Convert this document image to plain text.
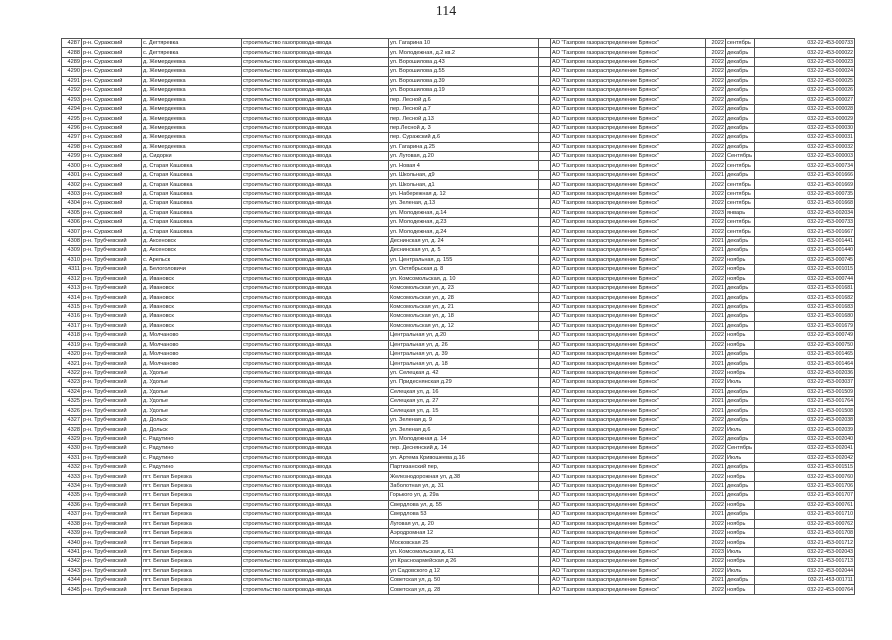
114
4287	р-н. Суражский	с. Дегтяревка	строительство газопровода-ввода	ул. Гагарина 10		АО "Газпром газораспределение Брянск"	2022	сентябрь	032-22-453-000733
4288	р-н. Суражский	с. Дегтяревка	строительство газопровода-ввода	ул. Молодежная, д.2 кв.2		АО "Газпром газораспределение Брянск"	2022	декабрь	032-22-453-000022
4289	р-н. Суражский	д. Жемердеевка	строительство газопровода-ввода	ул. Ворошилова д.43		АО "Газпром газораспределение Брянск"	2022	декабрь	032-22-453-000023
4290	р-н. Суражский	д. Жемердеевка	строительство газопровода-ввода	ул. Ворошилова д.55		АО "Газпром газораспределение Брянск"	2022	декабрь	032-22-453-000024
4291	р-н. Суражский	д. Жемердеевка	строительство газопровода-ввода	ул. Ворошилова д.39		АО "Газпром газораспределение Брянск"	2022	декабрь	032-22-453-000025
4292	р-н. Суражский	д. Жемердеевка	строительство газопровода-ввода	ул. Ворошилова д.19		АО "Газпром газораспределение Брянск"	2022	декабрь	032-22-453-000026
4293	р-н. Суражский	д. Жемердеевка	строительство газопровода-ввода	пер. Лесной д.6		АО "Газпром газораспределение Брянск"	2022	декабрь	032-22-453-000027
4294	р-н. Суражский	д. Жемердеевка	строительство газопровода-ввода	пер. Лесной д.7		АО "Газпром газораспределение Брянск"	2022	декабрь	032-22-453-000028
4295	р-н. Суражский	д. Жемердеевка	строительство газопровода-ввода	пер. Лесной д.13		АО "Газпром газораспределение Брянск"	2022	декабрь	032-22-453-000029
4296	р-н. Суражский	д. Жемердеевка	строительство газопровода-ввода	пер.Лесной д. 3		АО "Газпром газораспределение Брянск"	2022	декабрь	032-22-453-000030
4297	р-н. Суражский	д. Жемердеевка	строительство газопровода-ввода	пер. Суражский д.6		АО "Газпром газораспределение Брянск"	2022	декабрь	032-22-453-000031
4298	р-н. Суражский	д. Жемердеевка	строительство газопровода-ввода	ул. Гагарина д.25		АО "Газпром газораспределение Брянск"	2022	декабрь	032-22-453-000032
4299	р-н. Суражский	д. Сидорки	строительство газопровода-ввода	ул. Луговая, д.20		АО "Газпром газораспределение Брянск"	2022	Сентябрь	032-22-453-000003
4300	р-н. Суражский	д. Старая Кашовка	строительство газопровода-ввода	ул. Новая 4		АО "Газпром газораспределение Брянск"	2022	сентябрь	032-22-453-000734
4301	р-н. Суражский	д. Старая Кашовка	строительство газопровода-ввода	ул. Школьная, д9		АО "Газпром газораспределение Брянск"	2021	декабрь	032-21-453-001666
4302	р-н. Суражский	д. Старая Кашовка	строительство газопровода-ввода	ул. Школьная, д1		АО "Газпром газораспределение Брянск"	2022	сентябрь	032-21-453-001669
4303	р-н. Суражский	д. Старая Кашовка	строительство газопровода-ввода	ул. Набережная д. 12		АО "Газпром газораспределение Брянск"	2022	сентябрь	032-22-453-000735
4304	р-н. Суражский	д. Старая Кашовка	строительство газопровода-ввода	ул. Зеленая, д.13		АО "Газпром газораспределение Брянск"	2022	сентябрь	032-21-453-001668
4305	р-н. Суражский	д. Старая Кашовка	строительство газопровода-ввода	ул. Молодежная, д.14		АО "Газпром газораспределение Брянск"	2023	январь	032-22-453-002034
4306	р-н. Суражский	д. Старая Кашовка	строительство газопровода-ввода	ул. Молодежная, д.23		АО "Газпром газораспределение Брянск"	2022	сентябрь	032-22-453-000733
4307	р-н. Суражский	д. Старая Кашовка	строительство газопровода-ввода	ул. Молодежная, д.24		АО "Газпром газораспределение Брянск"	2022	сентябрь	032-21-453-001667
4308	р-н. Трубчевский	д. Аксеновск	строительство газопровода-ввода	Деснинская ул, д. 24		АО "Газпром газораспределение Брянск"	2021	декабрь	032-21-453-001441
4309	р-н. Трубчевский	д. Аксеновск	строительство газопровода-ввода	Деснинская ул, д. 5		АО "Газпром газораспределение Брянск"	2021	декабрь	032-21-453-001440
4310	р-н. Трубчевский	с. Арельск	строительство газопровода-ввода	ул. Центральная, д. 155		АО "Газпром газораспределение Брянск"	2022	ноябрь	032-22-453-000745
4311	р-н. Трубчевский	д. Белоголовичи	строительство газопровода-ввода	ул. Октябрьская д. 8		АО "Газпром газораспределение Брянск"	2022	ноябрь	032-22-453-001015
4312	р-н. Трубчевский	д. Ивановск	строительство газопровода-ввода	ул. Комсомольская, д. 10		АО "Газпром газораспределение Брянск"	2022	ноябрь	032-22-453-000744
4313	р-н. Трубчевский	д. Ивановск	строительство газопровода-ввода	Комсомольская ул, д. 23		АО "Газпром газораспределение Брянск"	2021	декабрь	032-21-453-001681
4314	р-н. Трубчевский	д. Ивановск	строительство газопровода-ввода	Комсомольская ул, д. 28		АО "Газпром газораспределение Брянск"	2021	декабрь	032-21-453-001682
4315	р-н. Трубчевский	д. Ивановск	строительство газопровода-ввода	Комсомольская ул, д. 21		АО "Газпром газораспределение Брянск"	2021	декабрь	032-21-453-001683
4316	р-н. Трубчевский	д. Ивановск	строительство газопровода-ввода	Комсомольская ул, д. 18		АО "Газпром газораспределение Брянск"	2021	декабрь	032-21-453-001680
4317	р-н. Трубчевский	д. Ивановск	строительство газопровода-ввода	Комсомольская ул, д. 12		АО "Газпром газораспределение Брянск"	2021	декабрь	032-21-453-001679
4318	р-н. Трубчевский	д. Молчаново	строительство газопровода-ввода	Центральная ул, д.20		АО "Газпром газораспределение Брянск"	2022	ноябрь	032-22-453-000749
4319	р-н. Трубчевский	д. Молчаново	строительство газопровода-ввода	Центральная ул, д. 26		АО "Газпром газораспределение Брянск"	2022	ноябрь	032-22-453-000750
4320	р-н. Трубчевский	д. Молчаново	строительство газопровода-ввода	Центральная ул, д. 39		АО "Газпром газораспределение Брянск"	2021	декабрь	032-21-453-001465
4321	р-н. Трубчевский	д. Молчаново	строительство газопровода-ввода	Центральная ул, д. 18		АО "Газпром газораспределение Брянск"	2021	декабрь	032-21-453-001464
4322	р-н. Трубчевский	д. Удолье	строительство газопровода-ввода	ул. Селецкая д. 42		АО "Газпром газораспределение Брянск"	2022	ноябрь	032-22-453-002036
4323	р-н. Трубчевский	д. Удолье	строительство газопровода-ввода	ул. Придеснянская д.29		АО "Газпром газораспределение Брянск"	2022	Июль	032-22-453-003037
4324	р-н. Трубчевский	д. Удолье	строительство газопровода-ввода	Селецкая ул, д. 16		АО "Газпром газораспределение Брянск"	2021	декабрь	032-21-453-001509
4325	р-н. Трубчевский	д. Удолье	строительство газопровода-ввода	Селецкая ул, д. 27		АО "Газпром газораспределение Брянск"	2021	декабрь	032-21-453-001764
4326	р-н. Трубчевский	д. Удолье	строительство газопровода-ввода	Селецкая ул, д. 15		АО "Газпром газораспределение Брянск"	2021	декабрь	032-21-453-001508
4327	р-н. Трубчевский	д. Дольск	строительство газопровода-ввода	ул. Зеленая д. 9		АО "Газпром газораспределение Брянск"	2022	декабрь	032-22-453-002038
4328	р-н. Трубчевский	д. Дольск	строительство газопровода-ввода	ул. Зеленая д.6		АО "Газпром газораспределение Брянск"	2022	Июль	032-22-453-002039
4329	р-н. Трубчевский	с. Радутино	строительство газопровода-ввода	ул. Молодежная д. 14		АО "Газпром газораспределение Брянск"	2022	декабрь	032-22-453-002040
4330	р-н. Трубчевский	с. Радутино	строительство газопровода-ввода	пер. Деснянский д. 14		АО "Газпром газораспределение Брянск"	2022	Сентябрь	032-22-453-002041
4331	р-н. Трубчевский	с. Радутино	строительство газопровода-ввода	ул. Артема Кривошеева д.16		АО "Газпром газораспределение Брянск"	2022	Июль	032-22-453-002042
4332	р-н. Трубчевский	с. Радутино	строительство газопровода-ввода	Партизанский пер,		АО "Газпром газораспределение Брянск"	2021	декабрь	032-21-453-001515
4333	р-н. Трубчевский	пгт. Белая Березка	строительство газопровода-ввода	Железнодорожная ул, д.38		АО "Газпром газораспределение Брянск"	2022	ноябрь	032-22-453-000760
4334	р-н. Трубчевский	пгт. Белая Березка	строительство газопровода-ввода	Заболотная ул, д. 31		АО "Газпром газораспределение Брянск"	2021	декабрь	032-21-453-001706
4335	р-н. Трубчевский	пгт. Белая Березка	строительство газопровода-ввода	Горького ул, д. 29а		АО "Газпром газораспределение Брянск"	2021	декабрь	032-21-453-001707
4336	р-н. Трубчевский	пгт. Белая Березка	строительство газопровода-ввода	Свердлова ул, д. 55		АО "Газпром газораспределение Брянск"	2022	ноябрь	032-22-453-000761
4337	р-н. Трубчевский	пгт. Белая Березка	строительство газопровода-ввода	Свердлова 53		АО "Газпром газораспределение Брянск"	2021	декабрь	032-21-453-001710
4338	р-н. Трубчевский	пгт. Белая Березка	строительство газопровода-ввода	Луговая ул, д. 20		АО "Газпром газораспределение Брянск"	2022	ноябрь	032-22-453-000762
4339	р-н. Трубчевский	пгт. Белая Березка	строительство газопровода-ввода	Аэродромная 12		АО "Газпром газораспределение Брянск"	2022	ноябрь	032-21-453-001708
4340	р-н. Трубчевский	пгт. Белая Березка	строительство газопровода-ввода	Московская 25		АО "Газпром газораспределение Брянск"	2022	ноябрь	032-21-453-001712
4341	р-н. Трубчевский	пгт. Белая Березка	строительство газопровода-ввода	ул. Комсомольская д. 61		АО "Газпром газораспределение Брянск"	2023	Июль	032-22-453-002043
4342	р-н. Трубчевский	пгт. Белая Березка	строительство газопровода-ввода	ул Красноармейская д 26		АО "Газпром газораспределение Брянск"	2022	ноябрь	032-21-453-001713
4343	р-н. Трубчевский	пгт. Белая Березка	строительство газопровода-ввода	ул Садовского д 12		АО "Газпром газораспределение Брянск"	2022	Июль	032-22-453-002044
4344	р-н. Трубчевский	пгт. Белая Березка	строительство газопровода-ввода	Советская ул, д. 50		АО "Газпром газораспределение Брянск"	2021	декабрь	032-21-453-001711
4345	р-н. Трубчевский	пгт. Белая Березка	строительство газопровода-ввода	Советская ул, д. 28		АО "Газпром газораспределение Брянск"	2022	ноябрь	032-22-453-000764
